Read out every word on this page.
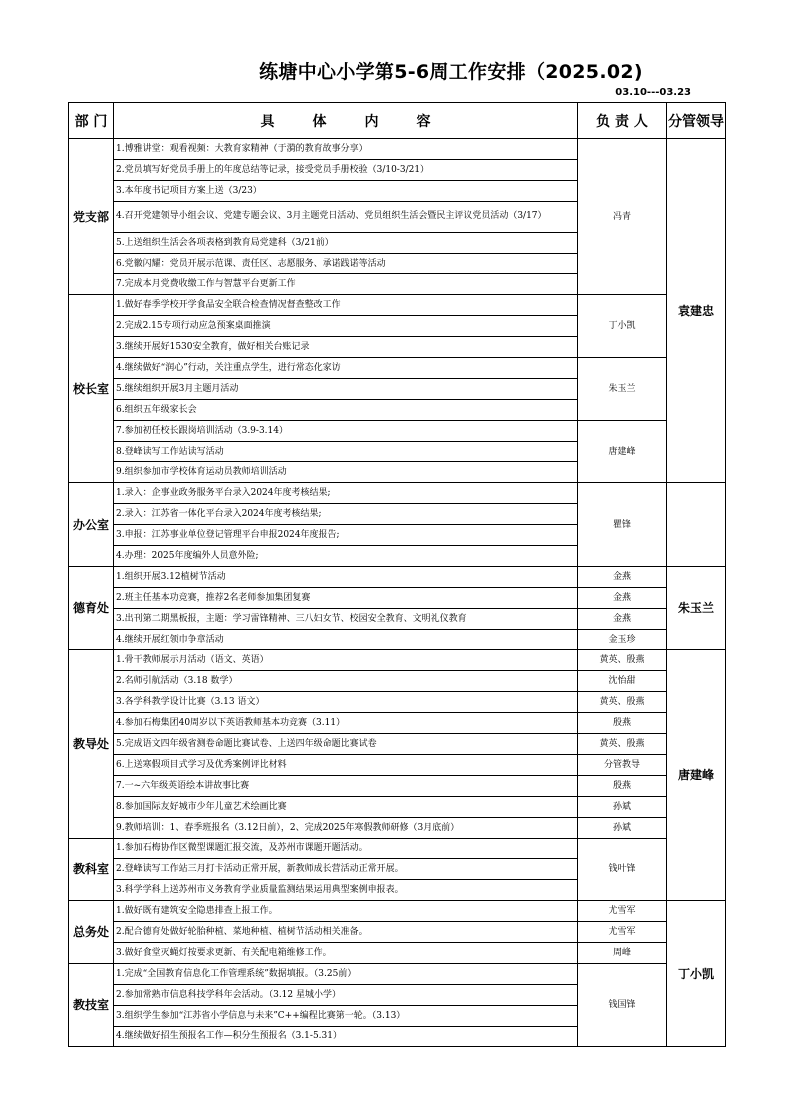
练塘中心小学第5-6周工作安排（2025.02)
03.10---03.23
部 门	具体内容	负 责 人	分管领导
党支部	1.博雅讲堂：观看视频：大教育家精神（于漪的教育故事分享）	冯青	袁建忠
	2.党员填写好党员手册上的年度总结等记录，接受党员手册校验（3/10-3/21）		
	3.本年度书记项目方案上送（3/23）		
	4.召开党建领导小组会议、党建专题会议、3月主题党日活动、党员组织生活会暨民主评议党员活动（3/17）		
	5.上送组织生活会各项表格到教育局党建科（3/21前）		
	6.党徽闪耀：党员开展示范课、责任区、志愿服务、承诺践诺等活动		
	7.完成本月党费收缴工作与智慧平台更新工作		
校长室	1.做好春季学校开学食品安全联合检查情况督查整改工作	丁小凯	
	2.完成2.15专项行动应急预案桌面推演		
	3.继续开展好1530安全教育，做好相关台账记录		
	4.继续做好“润心”行动，关注重点学生，进行常态化家访	朱玉兰	
	5.继续组织开展3月主题月活动		
	6.组织五年级家长会		
	7.参加初任校长跟岗培训活动（3.9-3.14）	唐建峰	
	8.登峰读写工作站读写活动		
	9.组织参加市学校体育运动员教师培训活动		
办公室	1.录入：企事业政务服务平台录入2024年度考核结果;	瞿锋	
	2.录入：江苏省一体化平台录入2024年度考核结果;		
	3.申报：江苏事业单位登记管理平台申报2024年度报告;		
	4.办理：2025年度编外人员意外险;		
德育处	1.组织开展3.12植树节活动	金燕	朱玉兰
	2.班主任基本功竞赛，推荐2名老师参加集团复赛	金燕	
	3.出刊第二期黑板报，主题：学习雷锋精神、三八妇女节、校园安全教育、文明礼仪教育	金燕	
	4.继续开展红领巾争章活动	金玉珍	
教导处	1.骨干教师展示月活动（语文、英语）	黄英、殷燕	唐建峰
	2.名师引航活动（3.18 数学）	沈怡甜	
	3.各学科教学设计比赛（3.13 语文）	黄英、殷燕	
	4.参加石梅集团40周岁以下英语教师基本功竞赛（3.11）	殷燕	
	5.完成语文四年级省测卷命题比赛试卷、上送四年级命题比赛试卷	黄英、殷燕	
	6.上送寒假项目式学习及优秀案例评比材料	分管教导	
	7.一~六年级英语绘本讲故事比赛	殷燕	
	8.参加国际友好城市少年儿童艺术绘画比赛	孙斌	
	9.教师培训：1、春季班报名（3.12日前），2、完成2025年寒假教师研修（3月底前）	孙斌	
教科室	1.参加石梅协作区微型课题汇报交流，及苏州市课题开题活动。	钱叶锋	
	2.登峰读写工作站三月打卡活动正常开展，新教师成长营活动正常开展。		
	3.科学学科上送苏州市义务教育学业质量监测结果运用典型案例申报表。		
总务处	1.做好既有建筑安全隐患排查上报工作。	尤雪军	丁小凯
	2.配合德育处做好轮胎种植、菜地种植、植树节活动相关准备。	尤雪军	
	3.做好食堂灭蝇灯按要求更新、有关配电箱维修工作。	周峰	
教技室	1.完成“全国教育信息化工作管理系统”数据填报。（3.25前）	钱国锋	
	2.参加常熟市信息科技学科年会活动。（3.12 星城小学）		
	3.组织学生参加“江苏省小学信息与未来”C++编程比赛第一轮。（3.13）		
	4.继续做好招生预报名工作—积分生预报名（3.1-5.31）		
